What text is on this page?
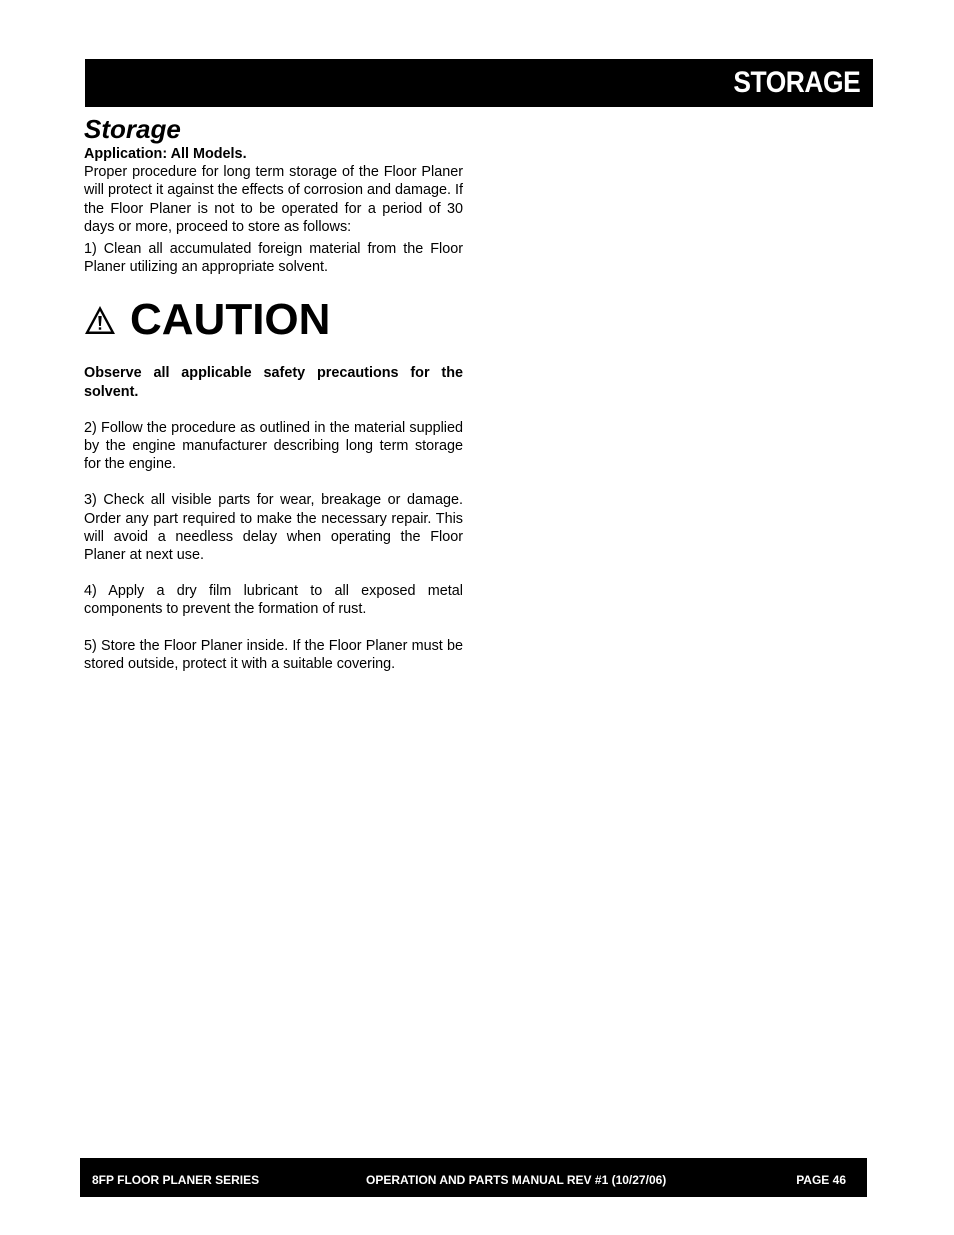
STORAGE
Storage

Application: All Models.

Proper procedure for long term storage of the Floor Planer will protect it against the effects of corrosion and damage. If the Floor Planer is not to be operated for a period of 30 days or more, proceed to store as follows:

1) Clean all accumulated foreign material from the Floor Planer utilizing an appropriate solvent.

CAUTION

Observe all applicable safety precautions for the solvent.

2) Follow the procedure as outlined in the material supplied by the engine manufacturer describing long term storage for the engine.

3) Check all visible parts for wear, breakage or damage. Order any part required to make the necessary repair. This will avoid a needless delay when operating the Floor Planer at next use.

4) Apply a dry film lubricant to all exposed metal components to prevent the formation of rust.

5) Store the Floor Planer inside. If the Floor Planer must be stored outside, protect it with a suitable covering.

8FP FLOOR PLANER SERIES	OPERATION AND PARTS MANUAL REV #1 (10/27/06)	PAGE 46
